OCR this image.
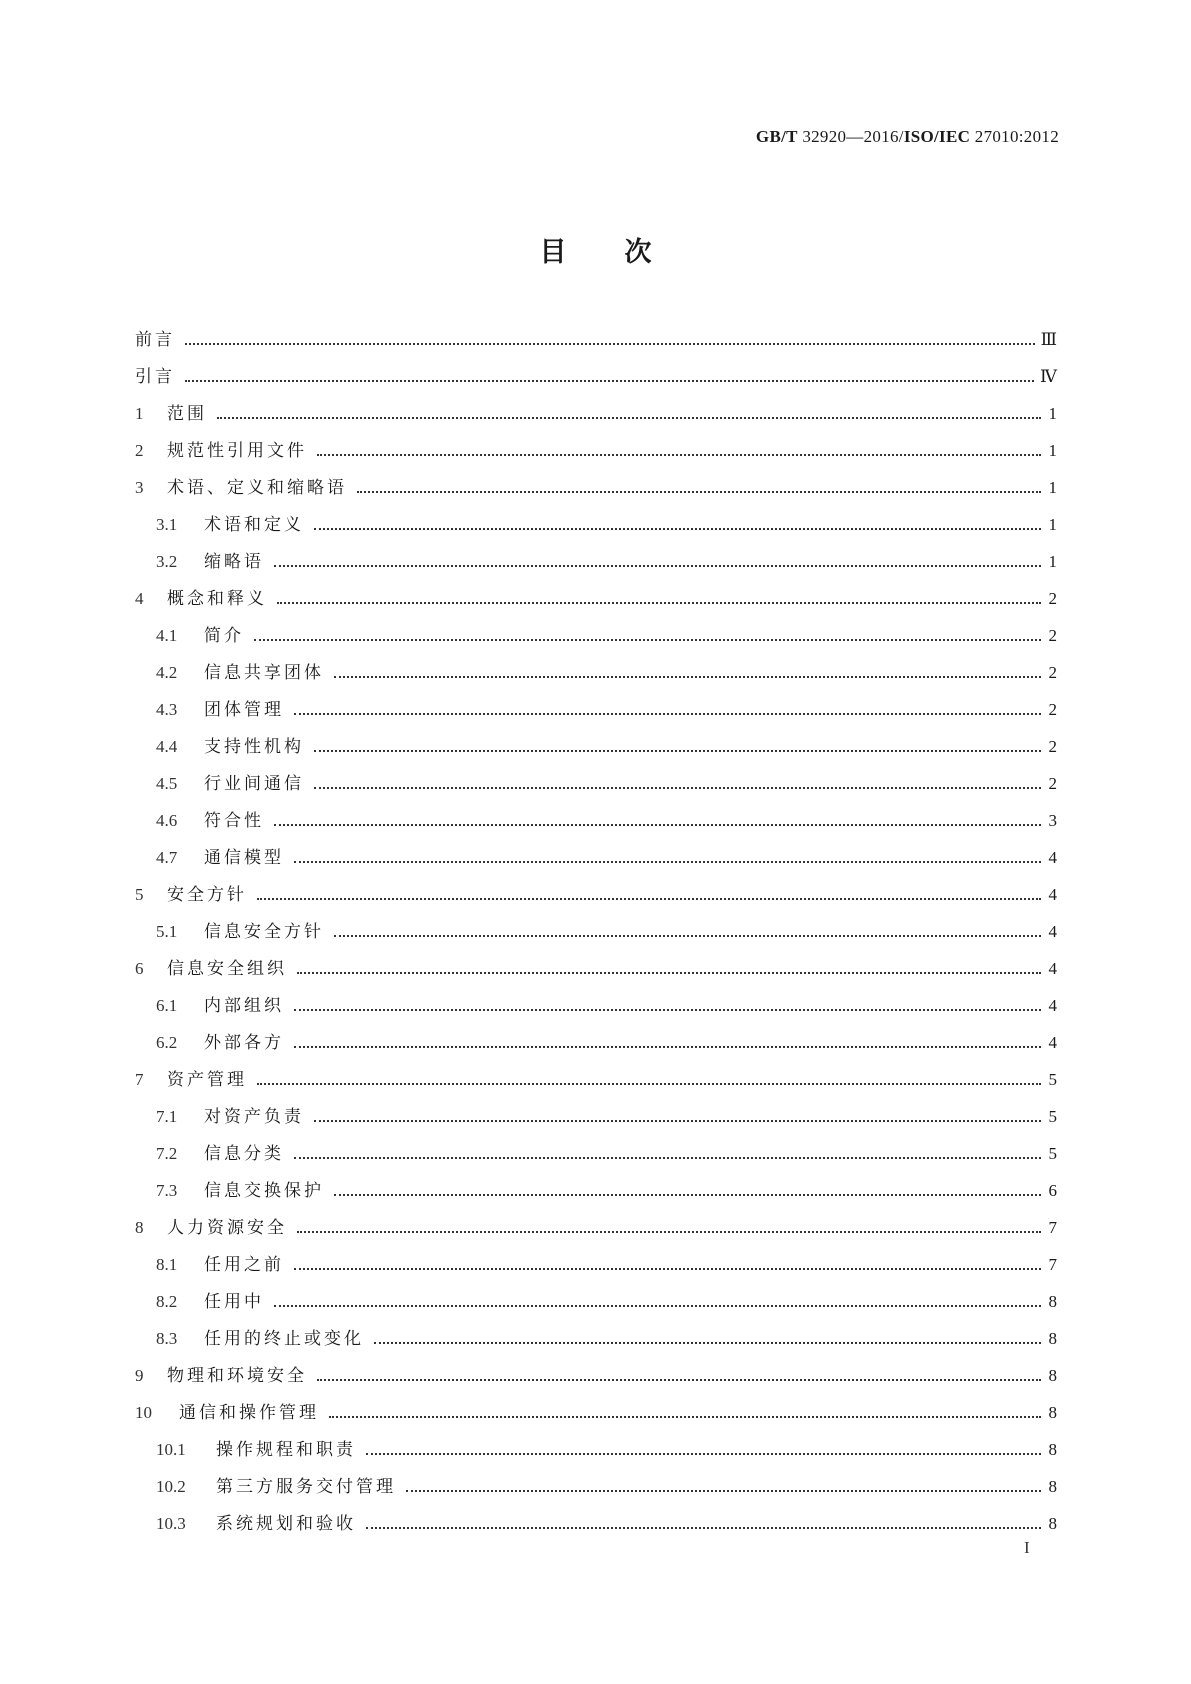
GB/T 32920—2016/ISO/IEC 27010:2012
目次
前言	Ⅲ
引言	Ⅳ
1	范围	1
2	规范性引用文件	1
3	术语、定义和缩略语	1
3.1	术语和定义	1
3.2	缩略语	1
4	概念和释义	2
4.1	简介	2
4.2	信息共享团体	2
4.3	团体管理	2
4.4	支持性机构	2
4.5	行业间通信	2
4.6	符合性	3
4.7	通信模型	4
5	安全方针	4
5.1	信息安全方针	4
6	信息安全组织	4
6.1	内部组织	4
6.2	外部各方	4
7	资产管理	5
7.1	对资产负责	5
7.2	信息分类	5
7.3	信息交换保护	6
8	人力资源安全	7
8.1	任用之前	7
8.2	任用中	8
8.3	任用的终止或变化	8
9	物理和环境安全	8
10	通信和操作管理	8
10.1	操作规程和职责	8
10.2	第三方服务交付管理	8
10.3	系统规划和验收	8
I
